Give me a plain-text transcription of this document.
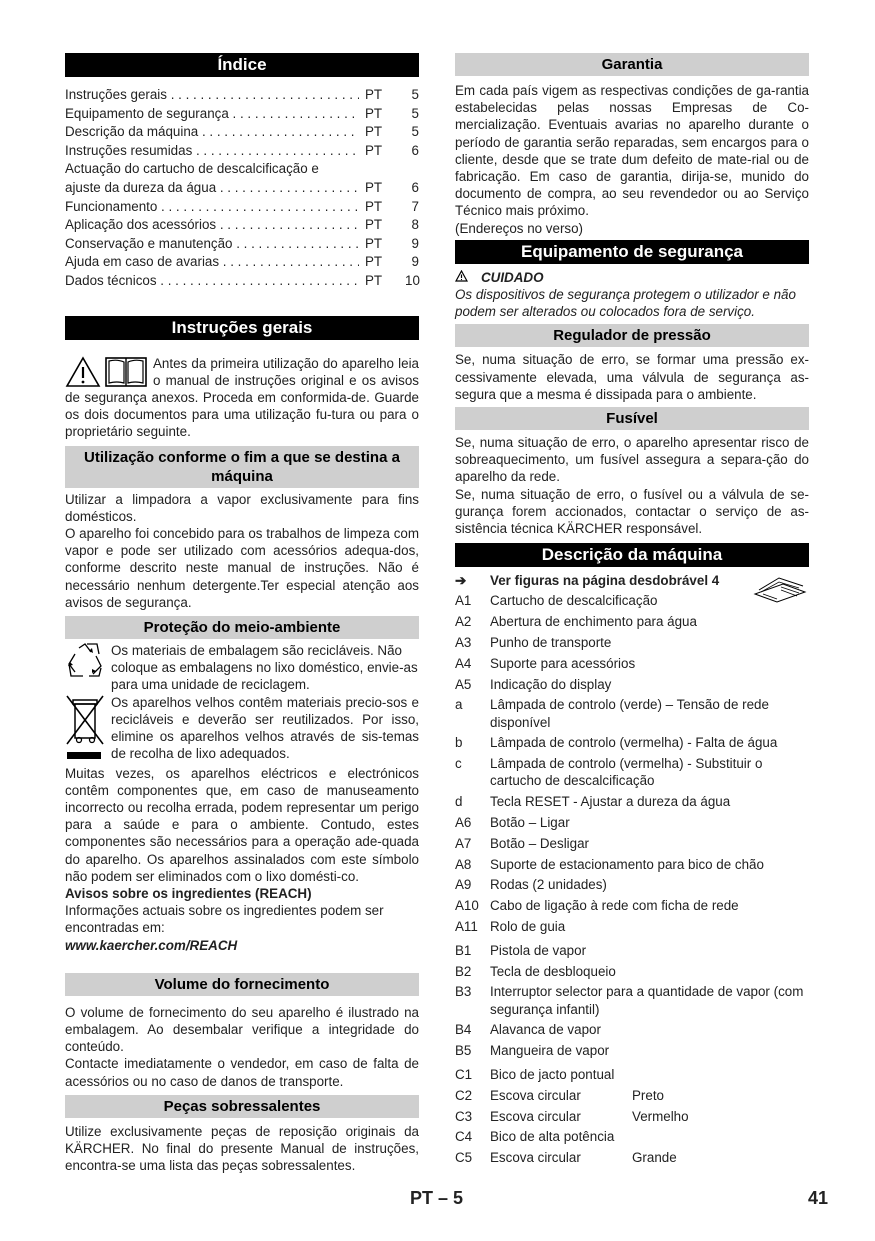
Índice
Instruções gerais . . .	PT	5
Equipamento de segurança . . .	PT	5
Descrição da máquina . . .	PT	5
Instruções resumidas . . .	PT	6
Actuação do cartucho de descalcificação e
ajuste da dureza da água . . .	PT	6
Funcionamento . . .	PT	7
Aplicação dos acessórios . . .	PT	8
Conservação e manutenção . . .	PT	9
Ajuda em caso de avarias . . .	PT	9
Dados técnicos . . .	PT	10
Instruções gerais

Antes da primeira utilização do aparelho leia o manual de instruções original e os avisos de segurança anexos. Proceda em conformida-de. Guarde os dois documentos para uma utilização fu-tura ou para o proprietário seguinte.

Utilização conforme o fim a que se destina a máquina

Utilizar a limpadora a vapor exclusivamente para fins domésticos.
O aparelho foi concebido para os trabalhos de limpeza com vapor e pode ser utilizado com acessórios adequa-dos, conforme descrito neste manual de instruções. Não é necessário nenhum detergente.Ter especial atenção aos avisos de segurança.

Proteção do meio-ambiente

Os materiais de embalagem são recicláveis. Não coloque as embalagens no lixo doméstico, envie-as para uma unidade de reciclagem.

Os aparelhos velhos contêm materiais precio-sos e recicláveis e deverão ser reutilizados. Por isso, elimine os aparelhos velhos através de sis-temas de recolha de lixo adequados.

Muitas vezes, os aparelhos eléctricos e electrónicos contêm componentes que, em caso de manuseamento incorrecto ou recolha errada, podem representar um perigo para a saúde e para o ambiente. Contudo, estes componentes são necessários para a operação ade-quada do aparelho. Os aparelhos assinalados com este símbolo não podem ser eliminados com o lixo domésti-co.

Avisos sobre os ingredientes (REACH)

Informações actuais sobre os ingredientes podem ser encontradas em:

www.kaercher.com/REACH

Volume do fornecimento

O volume de fornecimento do seu aparelho é ilustrado na embalagem. Ao desembalar verifique a integridade do conteúdo.
Contacte imediatamente o vendedor, em caso de falta de acessórios ou no caso de danos de transporte.

Peças sobressalentes

Utilize exclusivamente peças de reposição originais da KÄRCHER. No final do presente Manual de instruções, encontra-se uma lista das peças sobressalentes.

Garantia

Em cada país vigem as respectivas condições de ga-rantia estabelecidas pelas nossas Empresas de Co-mercialização. Eventuais avarias no aparelho durante o período de garantia serão reparadas, sem encargos para o cliente, desde que se trate dum defeito de mate-rial ou de fabricação. Em caso de garantia, dirija-se, munido do documento de compra, ao seu revendedor ou ao Serviço Técnico mais próximo.
(Endereços no verso)

Equipamento de segurança
CUIDADO

Os dispositivos de segurança protegem o utilizador e não podem ser alterados ou colocados fora de serviço.

Regulador de pressão

Se, numa situação de erro, se formar uma pressão ex-cessivamente elevada, uma válvula de segurança as-segura que a mesma é dissipada para o ambiente.

Fusível

Se, numa situação de erro, o aparelho apresentar risco de sobreaquecimento, um fusível assegura a separa-ção do aparelho da rede.
Se, numa situação de erro, o fusível ou a válvula de se-gurança forem accionados, contactar o serviço de as-sistência técnica KÄRCHER responsável.

Descrição da máquina
➔	Ver figuras na página desdobrável 4
A1	Cartucho de descalcificação
A2	Abertura de enchimento para água
A3	Punho de transporte
A4	Suporte para acessórios
A5	Indicação do display
a	Lâmpada de controlo (verde) – Tensão de rede disponível
b	Lâmpada de controlo (vermelha) - Falta de água
c	Lâmpada de controlo (vermelha) - Substituir o cartucho de descalcificação
d	Tecla RESET - Ajustar a dureza da água
A6	Botão – Ligar
A7	Botão – Desligar
A8	Suporte de estacionamento para bico de chão
A9	Rodas (2 unidades)
A10 Cabo de ligação à rede com ficha de rede
A11 Rolo de guia
B1	Pistola de vapor
B2	Tecla de desbloqueio
B3	Interruptor selector para a quantidade de vapor (com segurança infantil)
B4	Alavanca de vapor
B5	Mangueira de vapor
C1	Bico de jacto pontual
C2	Escova circular	Preto
C3	Escova circular	Vermelho
C4	Bico de alta potência
C5	Escova circular	Grande
PT – 5	41
